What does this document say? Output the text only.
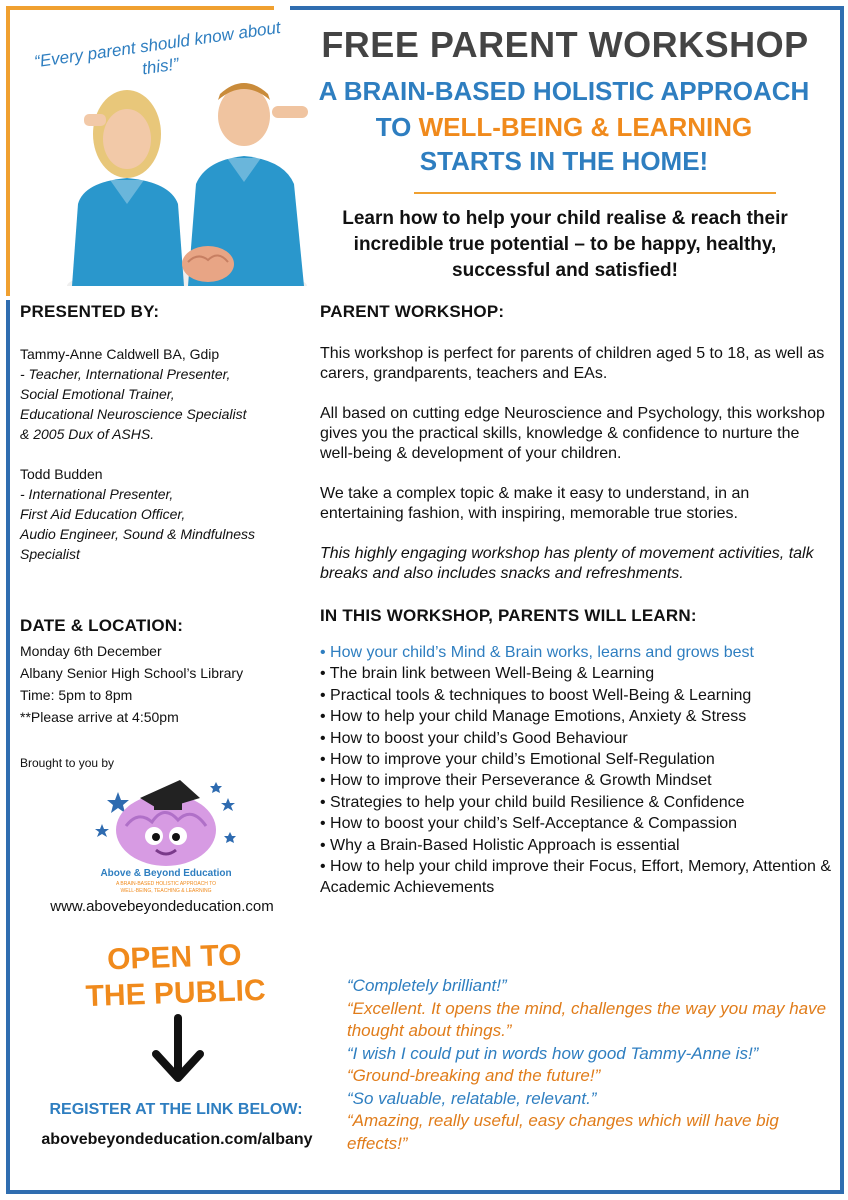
“Every parent should know about this!”
FREE PARENT WORKSHOP
A BRAIN-BASED HOLISTIC APPROACH
TO WELL-BEING & LEARNING
STARTS IN THE HOME!
Learn how to help your child realise & reach their incredible true potential – to be happy, healthy, successful and satisfied!
PRESENTED BY:
Tammy-Anne Caldwell BA, Gdip
- Teacher, International Presenter,
Social Emotional Trainer,
Educational Neuroscience Specialist
& 2005 Dux of ASHS.
Todd Budden
- International Presenter,
First Aid Education Officer,
Audio Engineer, Sound & Mindfulness
Specialist
DATE & LOCATION:
Monday 6th December
Albany Senior High School’s Library
Time: 5pm to 8pm
**Please arrive at 4:50pm
Brought to you by
Above & Beyond Education
A BRAIN-BASED HOLISTIC APPROACH TO
WELL-BEING, TEACHING & LEARNING
www.abovebeyondeducation.com
OPEN TO
THE PUBLIC
REGISTER AT THE LINK BELOW:
abovebeyondeducation.com/albany
PARENT WORKSHOP:
This workshop is perfect for parents of children aged 5 to 18, as well as carers, grandparents, teachers and EAs.
All based on cutting edge Neuroscience and Psychology, this workshop gives you the practical skills, knowledge & confidence to nurture the well-being & development of your children.
We take a complex topic & make it easy to understand, in an entertaining fashion, with inspiring, memorable true stories.
This highly engaging workshop has plenty of movement activities, talk breaks and also includes snacks and refreshments.
IN THIS WORKSHOP, PARENTS WILL LEARN:
• How your child’s Mind & Brain works, learns and grows best
• The brain link between Well-Being & Learning
• Practical tools & techniques to boost Well-Being & Learning
• How to help your child Manage Emotions, Anxiety & Stress
• How to boost your child’s Good Behaviour
• How to improve your child’s Emotional Self-Regulation
• How to improve their Perseverance & Growth Mindset
• Strategies to help your child build Resilience & Confidence
• How to boost your child’s Self-Acceptance & Compassion
• Why a Brain-Based Holistic Approach is essential
• How to help your child improve their Focus, Effort, Memory, Attention & Academic Achievements
“Completely brilliant!”
“Excellent. It opens the mind, challenges the way you may have thought about things.”
“I wish I could put in words how good Tammy-Anne is!”
“Ground-breaking and the future!”
“So valuable, relatable, relevant.”
“Amazing, really useful, easy changes which will have big effects!”
